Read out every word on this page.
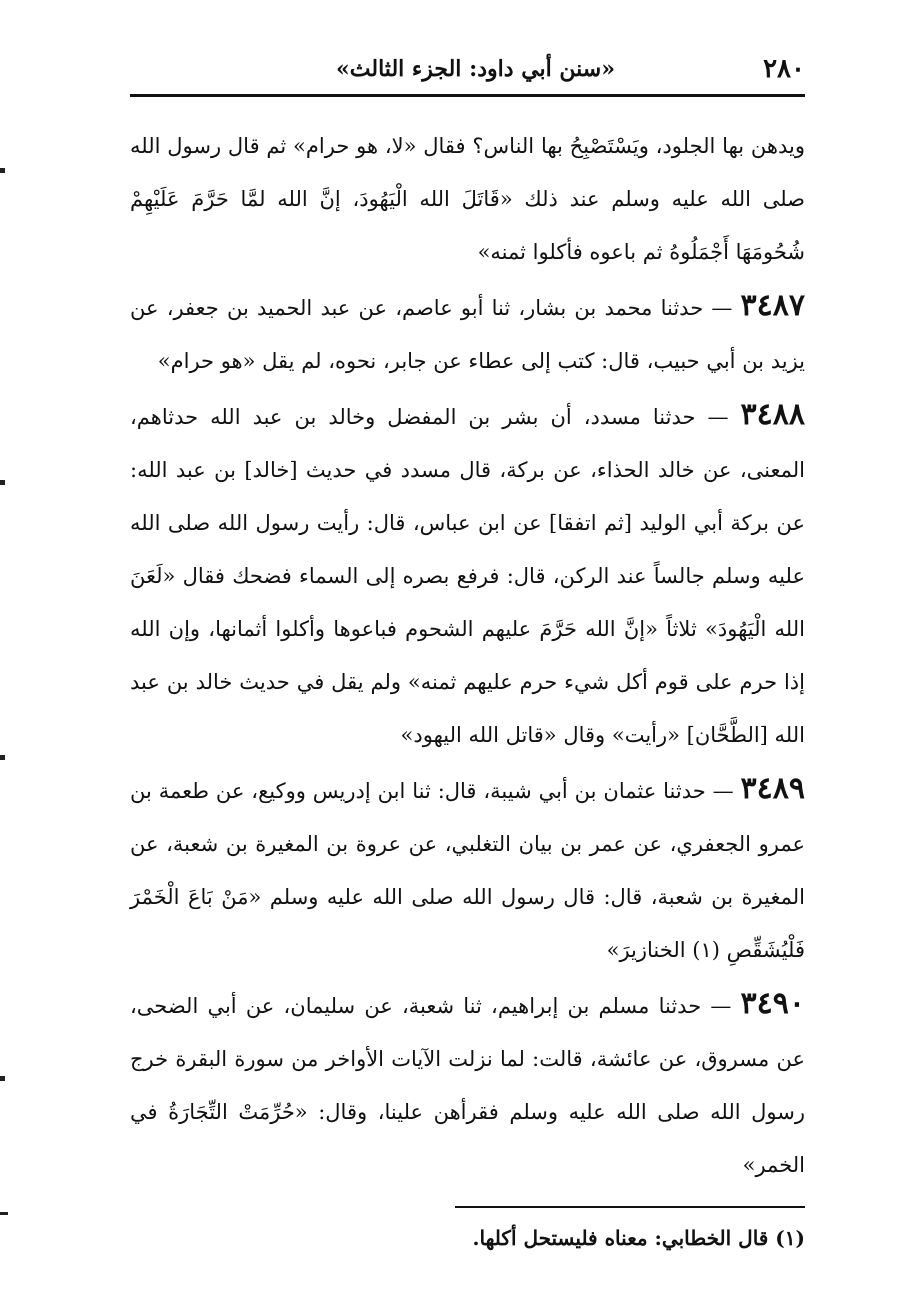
٢٨٠
«سنن أبي داود: الجزء الثالث»

ويدهن بها الجلود، ويَسْتَصْبِحُ بها الناس؟ فقال «لا، هو حرام» ثم قال رسول الله صلى الله عليه وسلم عند ذلك «قَاتَلَ الله الْيَهُودَ، إنَّ الله لمَّا حَرَّمَ عَلَيْهِمْ شُحُومَهَا أَجْمَلُوهُ ثم باعوه فأكلوا ثمنه»

٣٤٨٧ — حدثنا محمد بن بشار، ثنا أبو عاصم، عن عبد الحميد بن جعفر، عن يزيد بن أبي حبيب، قال: كتب إلى عطاء عن جابر، نحوه، لم يقل «هو حرام»

٣٤٨٨ — حدثنا مسدد، أن بشر بن المفضل وخالد بن عبد الله حدثاهم، المعنى، عن خالد الحذاء، عن بركة، قال مسدد في حديث [خالد] بن عبد الله: عن بركة أبي الوليد [ثم اتفقا] عن ابن عباس، قال: رأيت رسول الله صلى الله عليه وسلم جالساً عند الركن، قال: فرفع بصره إلى السماء فضحك فقال «لَعَنَ الله الْيَهُودَ» ثلاثاً «إنَّ الله حَرَّمَ عليهم الشحوم فباعوها وأكلوا أثمانها، وإن الله إذا حرم على قوم أكل شيء حرم عليهم ثمنه» ولم يقل في حديث خالد بن عبد الله [الطَّحَّان] «رأيت» وقال «قاتل الله اليهود»

٣٤٨٩ — حدثنا عثمان بن أبي شيبة، قال: ثنا ابن إدريس ووكيع، عن طعمة بن عمرو الجعفري، عن عمر بن بيان التغلبي، عن عروة بن المغيرة بن شعبة، عن المغيرة بن شعبة، قال: قال رسول الله صلى الله عليه وسلم «مَنْ بَاعَ الْخَمْرَ فَلْيُشَقِّصِ (١) الخنازيرَ»

٣٤٩٠ — حدثنا مسلم بن إبراهيم، ثنا شعبة، عن سليمان، عن أبي الضحى، عن مسروق، عن عائشة، قالت: لما نزلت الآيات الأواخر من سورة البقرة خرج رسول الله صلى الله عليه وسلم فقرأهن علينا، وقال: «حُرِّمَتْ التِّجَارَةُ في الخمر»

(١) قال الخطابي: معناه فليستحل أكلها.
